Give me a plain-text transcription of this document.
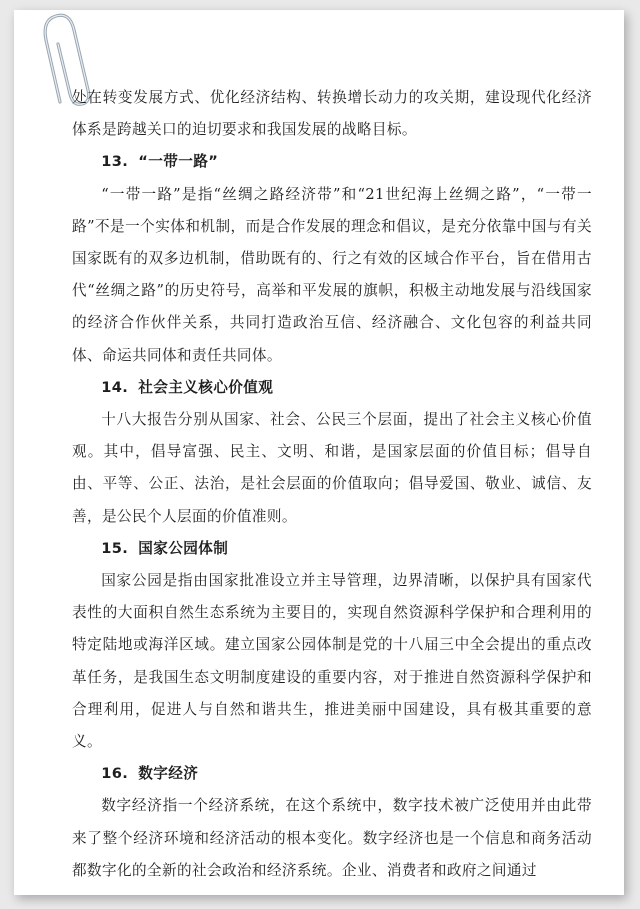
处在转变发展方式、优化经济结构、转换增长动力的攻关期，建设现代化经济体系是跨越关口的迫切要求和我国发展的战略目标。

13. “一带一路”

“一带一路”是指“丝绸之路经济带”和“21世纪海上丝绸之路”，“一带一路”不是一个实体和机制，而是合作发展的理念和倡议，是充分依靠中国与有关国家既有的双多边机制，借助既有的、行之有效的区域合作平台，旨在借用古代“丝绸之路”的历史符号，高举和平发展的旗帜，积极主动地发展与沿线国家的经济合作伙伴关系，共同打造政治互信、经济融合、文化包容的利益共同体、命运共同体和责任共同体。

14. 社会主义核心价值观

十八大报告分别从国家、社会、公民三个层面，提出了社会主义核心价值观。其中，倡导富强、民主、文明、和谐，是国家层面的价值目标；倡导自由、平等、公正、法治，是社会层面的价值取向；倡导爱国、敬业、诚信、友善，是公民个人层面的价值准则。

15. 国家公园体制

国家公园是指由国家批准设立并主导管理，边界清晰，以保护具有国家代表性的大面积自然生态系统为主要目的，实现自然资源科学保护和合理利用的特定陆地或海洋区域。建立国家公园体制是党的十八届三中全会提出的重点改革任务，是我国生态文明制度建设的重要内容，对于推进自然资源科学保护和合理利用，促进人与自然和谐共生，推进美丽中国建设，具有极其重要的意义。

16. 数字经济

数字经济指一个经济系统，在这个系统中，数字技术被广泛使用并由此带来了整个经济环境和经济活动的根本变化。数字经济也是一个信息和商务活动都数字化的全新的社会政治和经济系统。企业、消费者和政府之间通过
